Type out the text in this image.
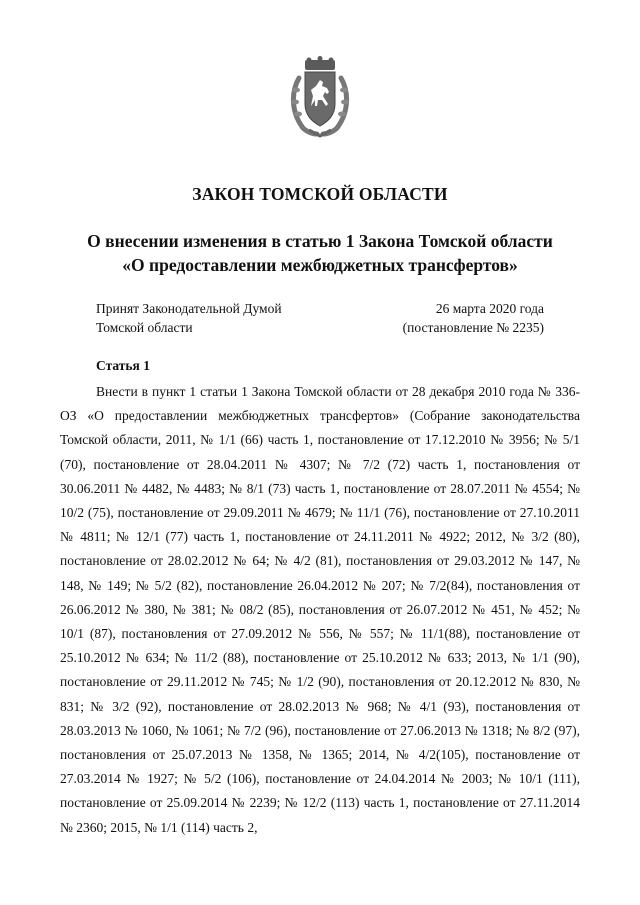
ЗАКОН ТОМСКОЙ ОБЛАСТИ
О внесении изменения в статью 1 Закона Томской области
«О предоставлении межбюджетных трансфертов»
Принят Законодательной Думой
Томской области
26 марта 2020 года
(постановление № 2235)
Статья 1

Внести в пункт 1 статьи 1 Закона Томской области от 28 декабря 2010 года № 336-ОЗ «О предоставлении межбюджетных трансфертов» (Собрание законодательства Томской области, 2011, № 1/1 (66) часть 1, постановление от 17.12.2010 № 3956; № 5/1 (70), постановление от 28.04.2011 № 4307; № 7/2 (72) часть 1, постановления от 30.06.2011 № 4482, № 4483; № 8/1 (73) часть 1, постановление от 28.07.2011 № 4554; № 10/2 (75), постановление от 29.09.2011 № 4679; № 11/1 (76), постановление от 27.10.2011 № 4811; № 12/1 (77) часть 1, постановление от 24.11.2011 № 4922; 2012, № 3/2 (80), постановление от 28.02.2012 № 64; № 4/2 (81), постановления от 29.03.2012 № 147, № 148, № 149; № 5/2 (82), постановление 26.04.2012 № 207; № 7/2(84), постановления от 26.06.2012 № 380, № 381; № 08/2 (85), постановления от 26.07.2012 № 451, № 452; № 10/1 (87), постановления от 27.09.2012 № 556, № 557; № 11/1(88), постановление от 25.10.2012 № 634; № 11/2 (88), постановление от 25.10.2012 № 633; 2013, № 1/1 (90), постановление от 29.11.2012 № 745; № 1/2 (90), постановления от 20.12.2012 № 830, № 831; № 3/2 (92), постановление от 28.02.2013 № 968; № 4/1 (93), постановления от 28.03.2013 № 1060, № 1061; № 7/2 (96), постановление от 27.06.2013 № 1318; № 8/2 (97), постановления от 25.07.2013 № 1358, № 1365; 2014, № 4/2(105), постановление от 27.03.2014 № 1927; № 5/2 (106), постановление от 24.04.2014 № 2003; № 10/1 (111), постановление от 25.09.2014 № 2239; № 12/2 (113) часть 1, постановление от 27.11.2014 № 2360; 2015, № 1/1 (114) часть 2,
